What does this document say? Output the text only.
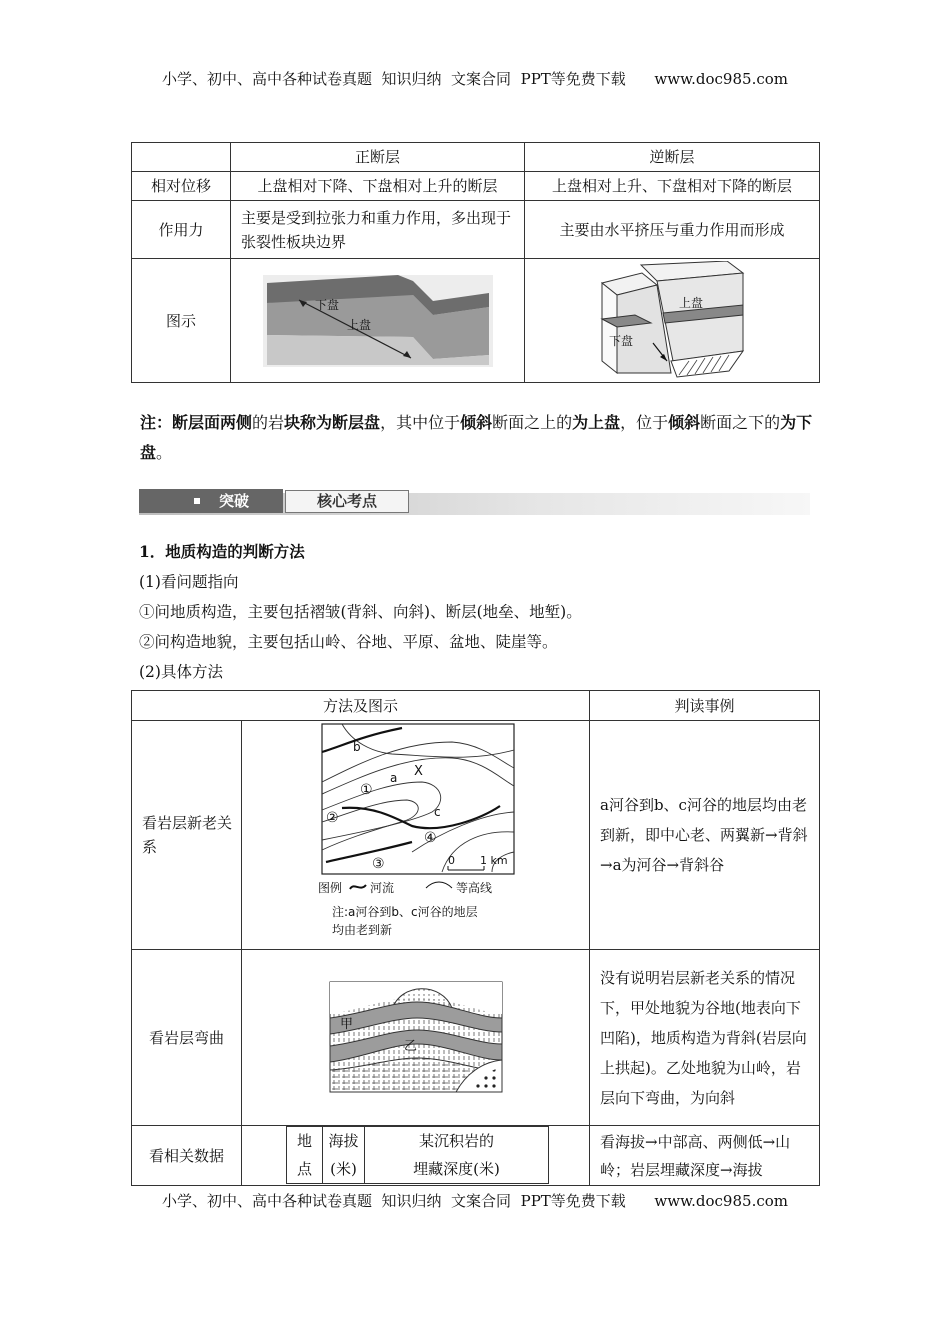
小学、初中、高中各种试卷真题  知识归纳  文案合同  PPT等免费下载      www.doc985.com
	正断层	逆断层
相对位移	上盘相对下降、下盘相对上升的断层	上盘相对上升、下盘相对下降的断层
作用力	主要是受到拉张力和重力作用，多出现于张裂性板块边界	主要由水平挤压与重力作用而形成
图示	下盘
上盘	下盘
上盘
注：断层面两侧的岩块称为断层盘，其中位于倾斜断面之上的为上盘，位于倾斜断面之下的为下盘。
突破	核心考点
1．地质构造的判断方法
(1)看问题指向
①问地质构造，主要包括褶皱(背斜、向斜)、断层(地垒、地堑)。
②问构造地貌，主要包括山岭、谷地、平原、盆地、陡崖等。
(2)具体方法
方法及图示	判读事例
看岩层新老关系	
b
a X
c
①
②
③
④
0 1 km
图例 河流	等高线
注:a河谷到b、c河谷的地层
均由老到新
	a河谷到b、c河谷的地层均由老到新，即中心老、两翼新→背斜→a为河谷→背斜谷
看岩层弯曲	
甲
乙
	没有说明岩层新老关系的情况下，甲处地貌为谷地(地表向下凹陷)，地质构造为背斜(岩层向上拱起)。乙处地貌为山岭，岩层向下弯曲，为向斜
看相关数据	
地
点

海拔
(米)

某沉积岩的
埋藏深度(米)
	看海拔→中部高、两侧低→山岭；岩层埋藏深度→海拔
小学、初中、高中各种试卷真题  知识归纳  文案合同  PPT等免费下载      www.doc985.com
